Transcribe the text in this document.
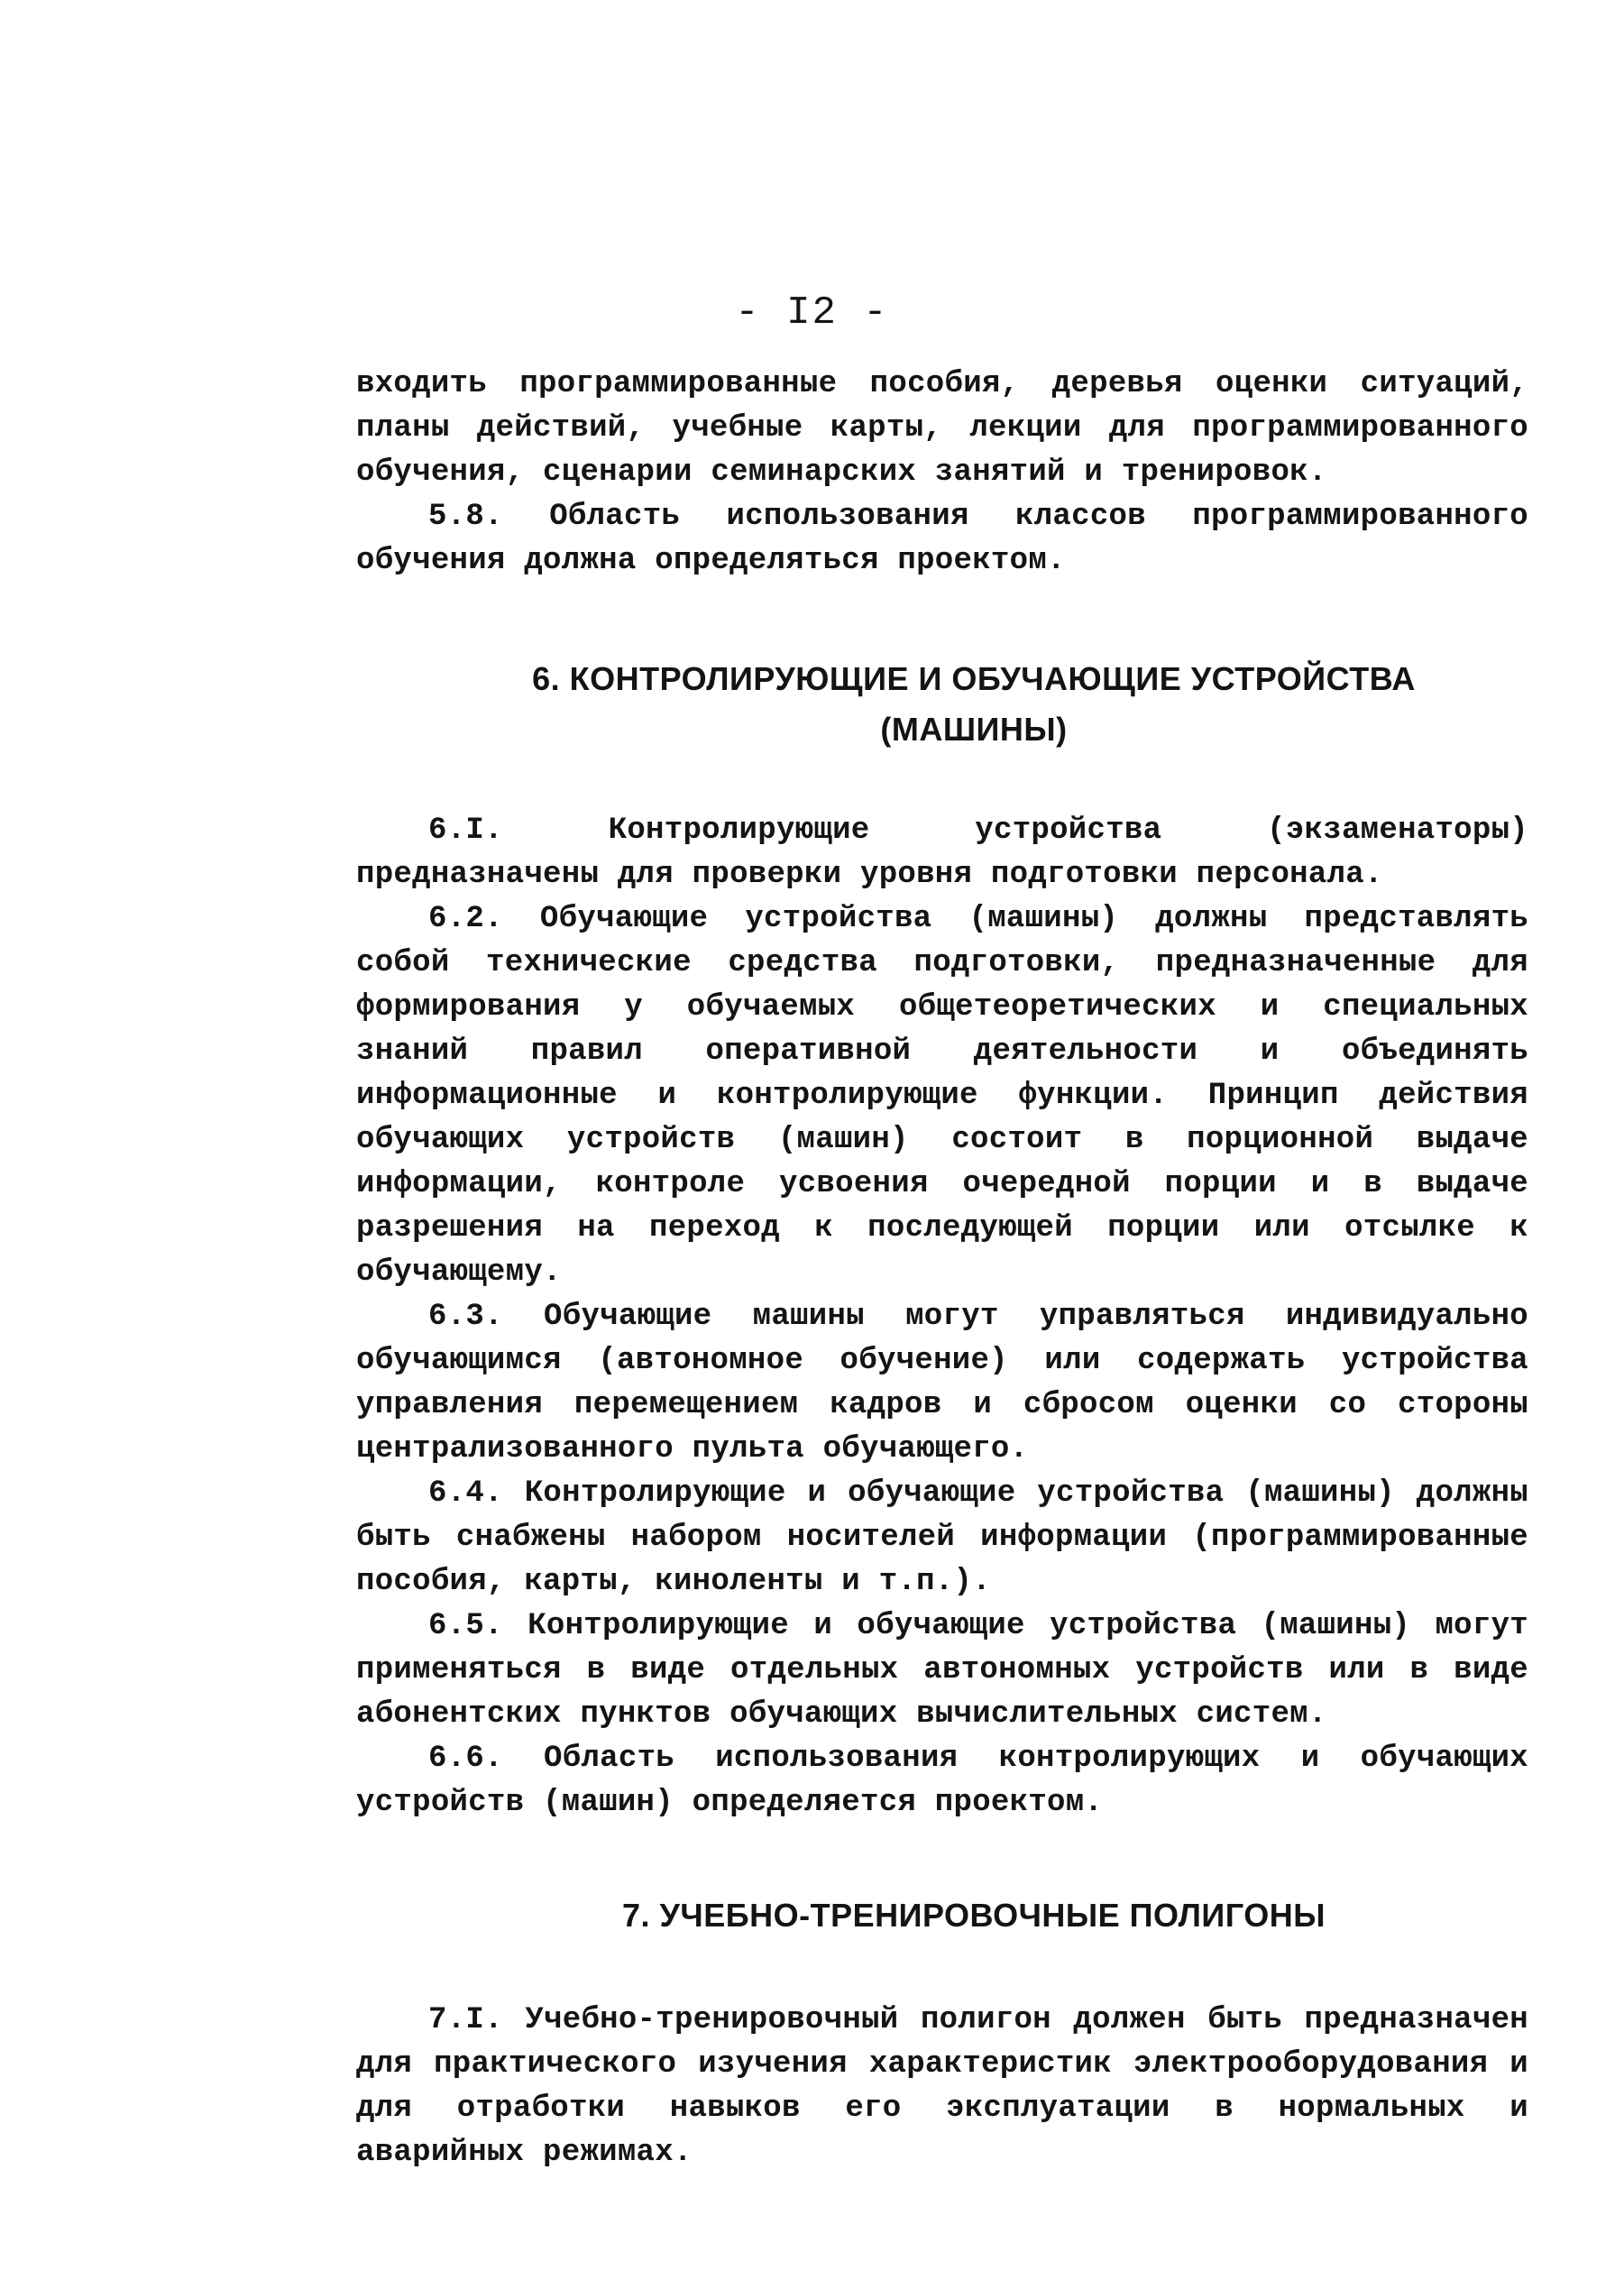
- I2 -

входить программированные пособия, деревья оценки ситуаций, планы действий, учебные карты, лекции для программированного обучения, сценарии семинарских занятий и тренировок.

5.8. Область использования классов программированного обучения должна определяться проектом.

6. КОНТРОЛИРУЮЩИЕ И ОБУЧАЮЩИЕ УСТРОЙСТВА
(МАШИНЫ)

6.I. Контролирующие устройства (экзаменаторы) предназначены для проверки уровня подготовки персонала.

6.2. Обучающие устройства (машины) должны представлять собой технические средства подготовки, предназначенные для формирования у обучаемых общетеоретических и специальных знаний правил оперативной деятельности и объединять информационные и контролирующие функции. Принцип действия обучающих устройств (машин) состоит в порционной выдаче информации, контроле усвоения очередной порции и в выдаче разрешения на переход к последующей порции или отсылке к обучающему.

6.3. Обучающие машины могут управляться индивидуально обучающимся (автономное обучение) или содержать устройства управления перемещением кадров и сбросом оценки со стороны централизованного пульта обучающего.

6.4. Контролирующие и обучающие устройства (машины) должны быть снабжены набором носителей информации (программированные пособия, карты, киноленты и т.п.).

6.5. Контролирующие и обучающие устройства (машины) могут применяться в виде отдельных автономных устройств или в виде абонентских пунктов обучающих вычислительных систем.

6.6. Область использования контролирующих и обучающих устройств (машин) определяется проектом.

7. УЧЕБНО-ТРЕНИРОВОЧНЫЕ ПОЛИГОНЫ

7.I. Учебно-тренировочный полигон должен быть предназначен для практического изучения характеристик электрооборудования и для отработки навыков его эксплуатации в нормальных и аварийных режимах.
